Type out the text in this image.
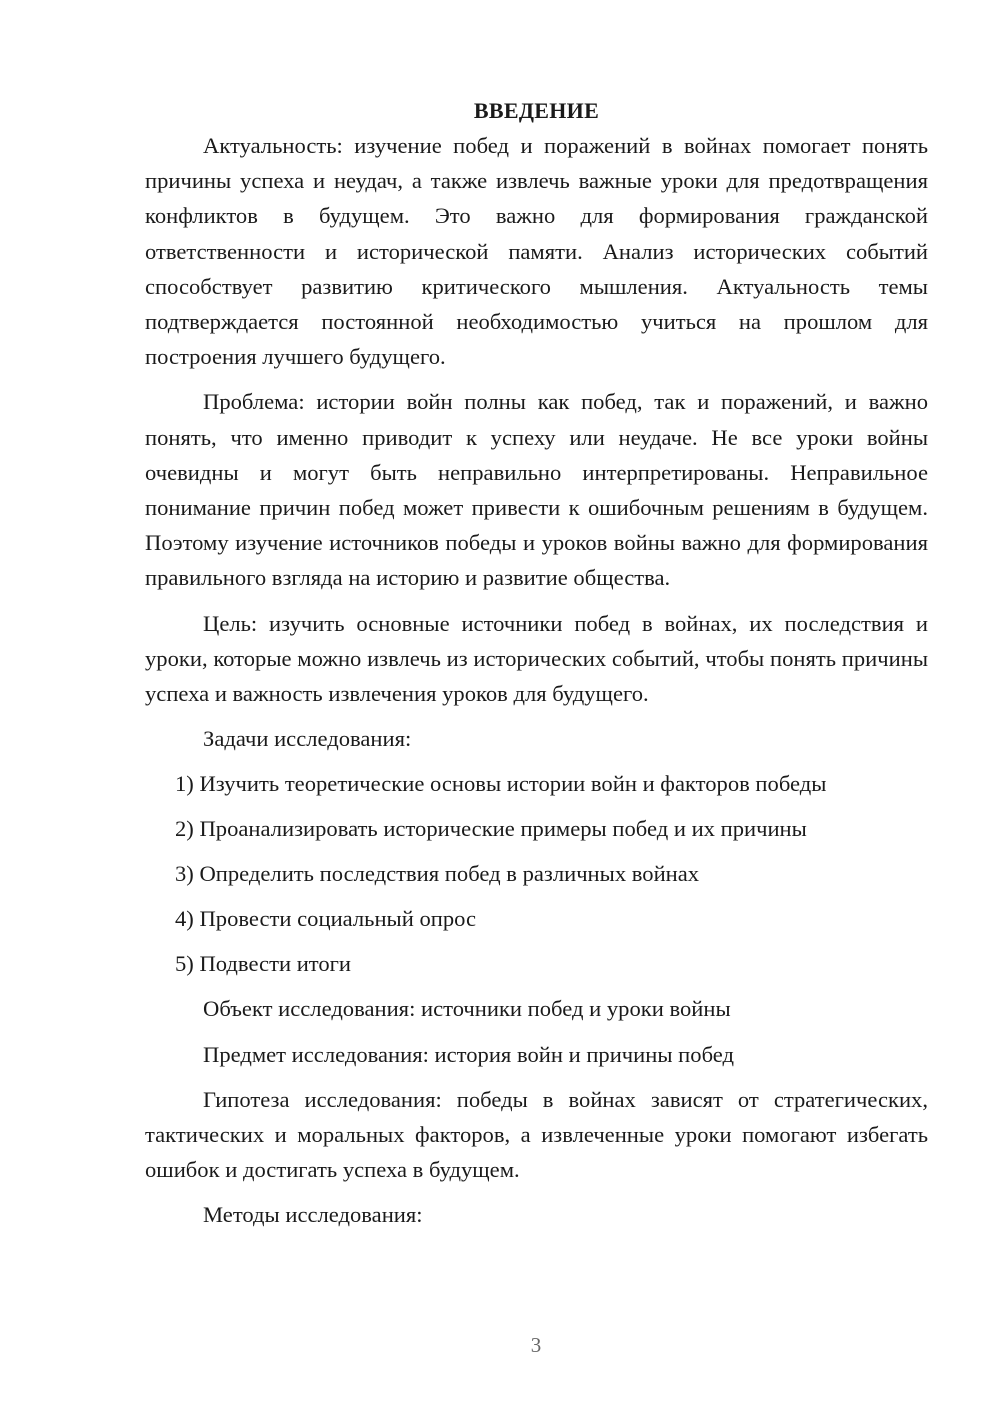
ВВЕДЕНИЕ

Актуальность: изучение побед и поражений в войнах помогает понять причины успеха и неудач, а также извлечь важные уроки для предотвращения конфликтов в будущем. Это важно для формирования гражданской ответственности и исторической памяти. Анализ исторических событий способствует развитию критического мышления. Актуальность темы подтверждается постоянной необходимостью учиться на прошлом для построения лучшего будущего.

Проблема: истории войн полны как побед, так и поражений, и важно понять, что именно приводит к успеху или неудаче. Не все уроки войны очевидны и могут быть неправильно интерпретированы. Неправильное понимание причин побед может привести к ошибочным решениям в будущем. Поэтому изучение источников победы и уроков войны важно для формирования правильного взгляда на историю и развитие общества.

Цель: изучить основные источники побед в войнах, их последствия и уроки, которые можно извлечь из исторических событий, чтобы понять причины успеха и важность извлечения уроков для будущего.

Задачи исследования:

1) Изучить теоретические основы истории войн и факторов победы

2) Проанализировать исторические примеры побед и их причины

3) Определить последствия побед в различных войнах

4) Провести социальный опрос

5) Подвести итоги

Объект исследования: источники побед и уроки войны

Предмет исследования: история войн и причины побед

Гипотеза исследования: победы в войнах зависят от стратегических, тактических и моральных факторов, а извлеченные уроки помогают избегать ошибок и достигать успеха в будущем.

Методы исследования:

3
